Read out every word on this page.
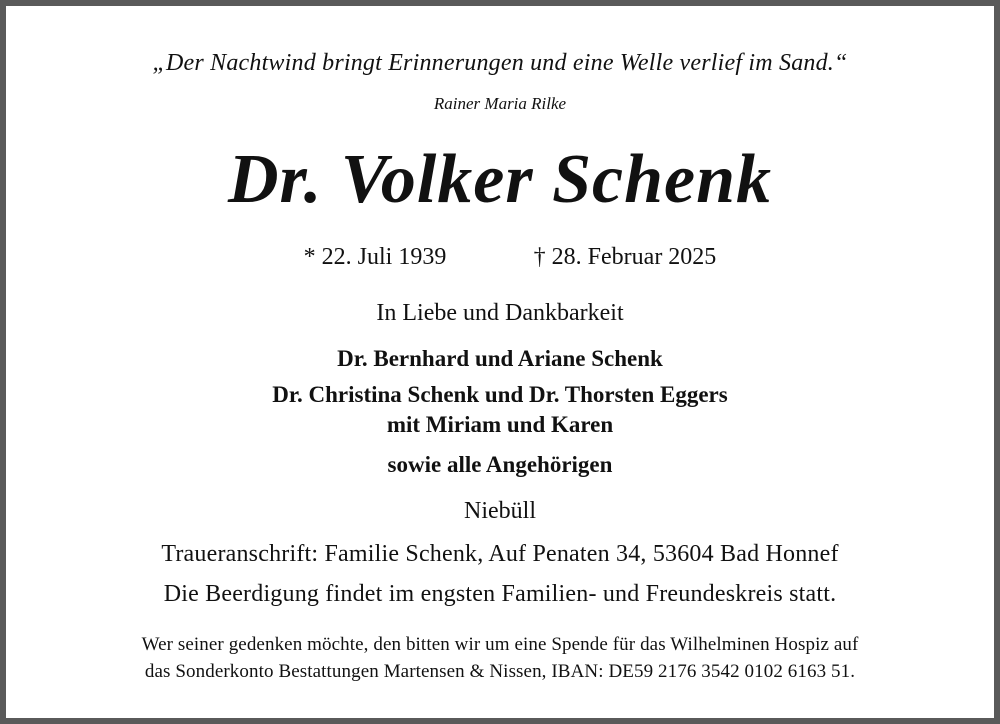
„Der Nachtwind bringt Erinnerungen und eine Welle verlief im Sand.“
Rainer Maria Rilke
Dr. Volker Schenk
* 22. Juli 1939	† 28. Februar 2025
In Liebe und Dankbarkeit
Dr. Bernhard und Ariane Schenk
Dr. Christina Schenk und Dr. Thorsten Eggers
mit Miriam und Karen
sowie alle Angehörigen
Niebüll
Traueranschrift: Familie Schenk, Auf Penaten 34, 53604 Bad Honnef
Die Beerdigung findet im engsten Familien- und Freundeskreis statt.
Wer seiner gedenken möchte, den bitten wir um eine Spende für das Wilhelminen Hospiz auf
das Sonderkonto Bestattungen Martensen & Nissen, IBAN: DE59 2176 3542 0102 6163 51.
